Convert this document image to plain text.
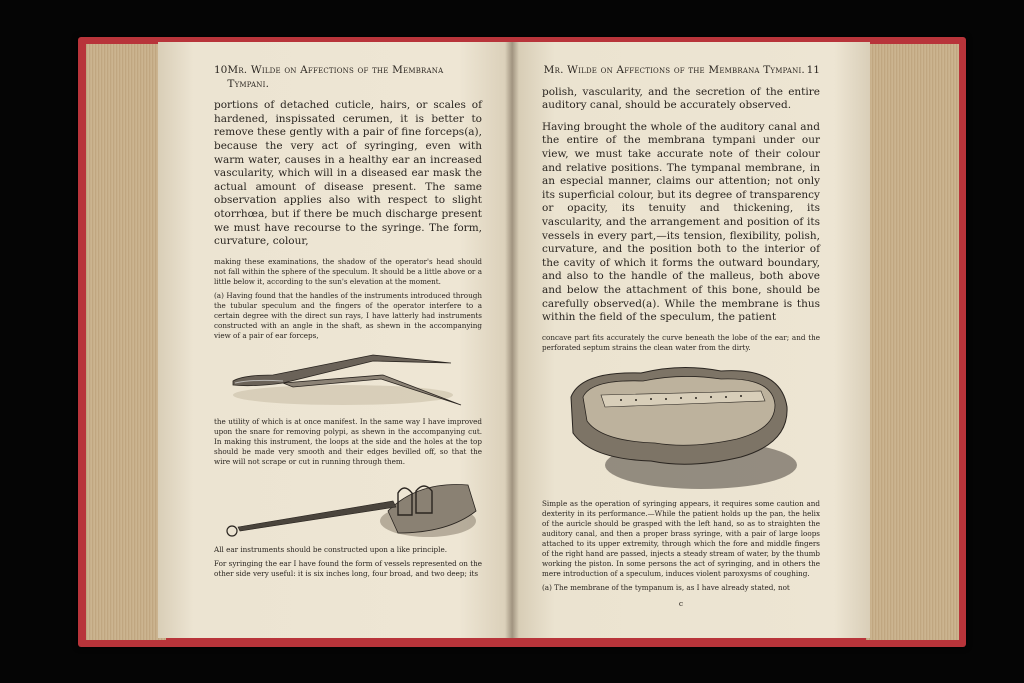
10 Mr. Wilde on Affections of the Membrana Tympani.

portions of detached cuticle, hairs, or scales of hardened, inspissated cerumen, it is better to remove these gently with a pair of fine forceps(a), because the very act of syringing, even with warm water, causes in a healthy ear an increased vascularity, which will in a diseased ear mask the actual amount of disease present. The same observation applies also with respect to slight otorrhœa, but if there be much discharge present we must have recourse to the syringe. The form, curvature, colour,

making these examinations, the shadow of the operator's head should not fall within the sphere of the speculum. It should be a little above or a little below it, according to the sun's elevation at the moment.

(a) Having found that the handles of the instruments introduced through the tubular speculum and the fingers of the operator interfere to a certain degree with the direct sun rays, I have latterly had instruments constructed with an angle in the shaft, as shewn in the accompanying view of a pair of ear forceps,

the utility of which is at once manifest. In the same way I have improved upon the snare for removing polypi, as shewn in the accompanying cut. In making this instrument, the loops at the side and the holes at the top should be made very smooth and their edges bevilled off, so that the wire will not scrape or cut in running through them.

All ear instruments should be constructed upon a like principle.

For syringing the ear I have found the form of vessels represented on the other side very useful: it is six inches long, four broad, and two deep; its

Mr. Wilde on Affections of the Membrana Tympani. 11

polish, vascularity, and the secretion of the entire auditory canal, should be accurately observed.

Having brought the whole of the auditory canal and the entire of the membrana tympani under our view, we must take accurate note of their colour and relative positions. The tympanal membrane, in an especial manner, claims our attention; not only its superficial colour, but its degree of transparency or opacity, its tenuity and thickening, its vascularity, and the arrangement and position of its vessels in every part,—its tension, flexibility, polish, curvature, and the position both to the interior of the cavity of which it forms the outward boundary, and also to the handle of the malleus, both above and below the attachment of this bone, should be carefully observed(a). While the membrane is thus within the field of the speculum, the patient

concave part fits accurately the curve beneath the lobe of the ear; and the perforated septum strains the clean water from the dirty.

Simple as the operation of syringing appears, it requires some caution and dexterity in its performance.—While the patient holds up the pan, the helix of the auricle should be grasped with the left hand, so as to straighten the auditory canal, and then a proper brass syringe, with a pair of large loops attached to its upper extremity, through which the fore and middle fingers of the right hand are passed, injects a steady stream of water, by the thumb working the piston. In some persons the act of syringing, and in others the mere introduction of a speculum, induces violent paroxysms of coughing.

(a) The membrane of the tympanum is, as I have already stated, not

c
